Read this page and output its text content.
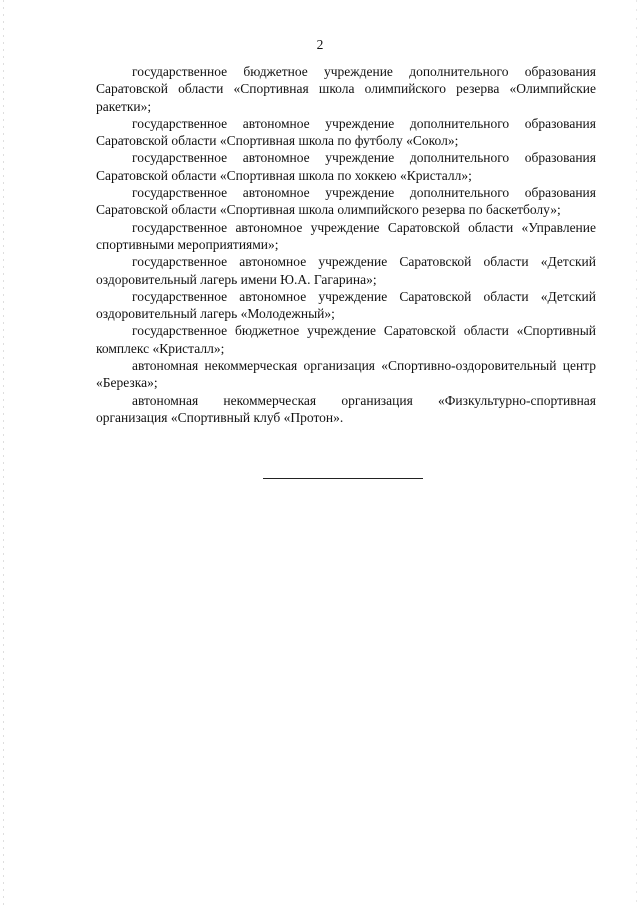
2

государственное бюджетное учреждение дополнительного образования Саратовской области «Спортивная школа олимпийского резерва «Олимпийские ракетки»;

государственное автономное учреждение дополнительного образования Саратовской области «Спортивная школа по футболу «Сокол»;

государственное автономное учреждение дополнительного образования Саратовской области «Спортивная школа по хоккею «Кристалл»;

государственное автономное учреждение дополнительного образования Саратовской области «Спортивная школа олимпийского резерва по баскетболу»;

государственное автономное учреждение Саратовской области «Управление спортивными мероприятиями»;

государственное автономное учреждение Саратовской области «Детский оздоровительный лагерь имени Ю.А. Гагарина»;

государственное автономное учреждение Саратовской области «Детский оздоровительный лагерь «Молодежный»;

государственное бюджетное учреждение Саратовской области «Спортивный комплекс «Кристалл»;

автономная некоммерческая организация «Спортивно-оздоровительный центр «Березка»;

автономная некоммерческая организация «Физкультурно-спортивная организация «Спортивный клуб «Протон».
